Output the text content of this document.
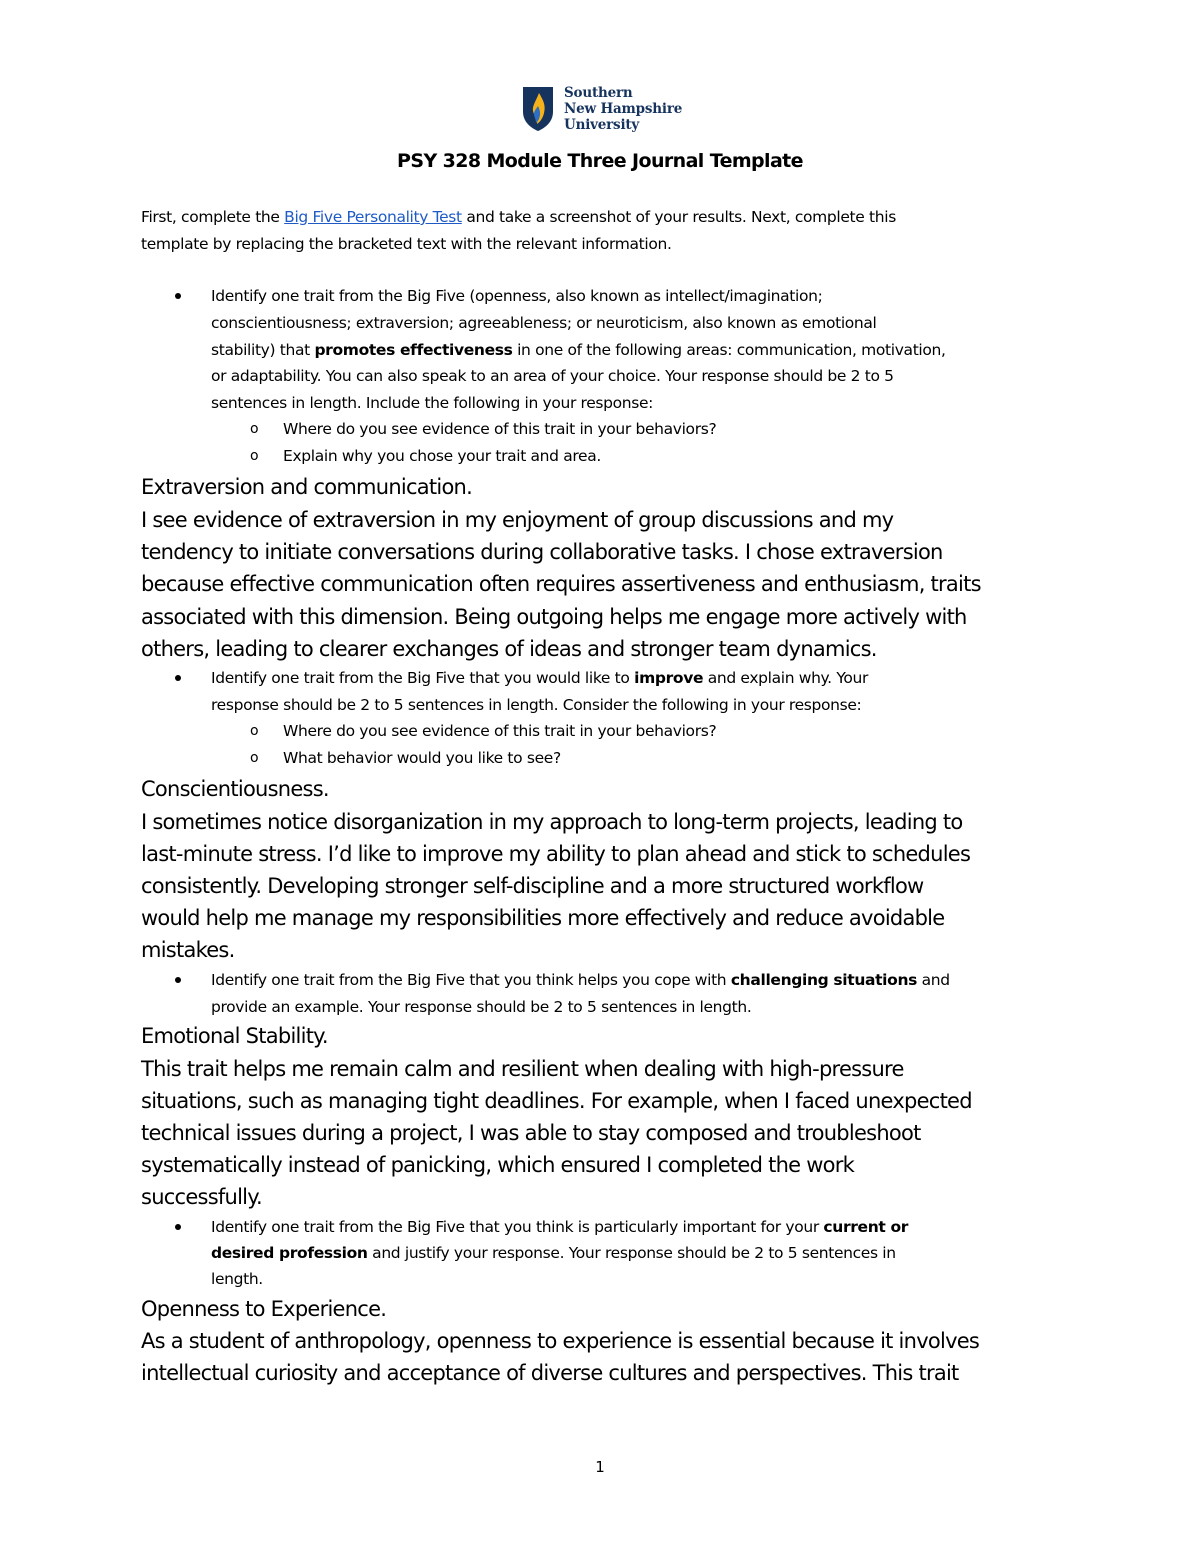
Southern
New Hampshire
University
PSY 328 Module Three Journal Template
First, complete the Big Five Personality Test and take a screenshot of your results. Next, complete this
template by replacing the bracketed text with the relevant information.
Identify one trait from the Big Five (openness, also known as intellect/imagination;
conscientiousness; extraversion; agreeableness; or neuroticism, also known as emotional
stability) that promotes effectiveness in one of the following areas: communication, motivation,
or adaptability. You can also speak to an area of your choice. Your response should be 2 to 5
sentences in length. Include the following in your response:
o Where do you see evidence of this trait in your behaviors?
o Explain why you chose your trait and area.
Extraversion and communication.
I see evidence of extraversion in my enjoyment of group discussions and my
tendency to initiate conversations during collaborative tasks. I chose extraversion
because effective communication often requires assertiveness and enthusiasm, traits
associated with this dimension. Being outgoing helps me engage more actively with
others, leading to clearer exchanges of ideas and stronger team dynamics.
Identify one trait from the Big Five that you would like to improve and explain why. Your
response should be 2 to 5 sentences in length. Consider the following in your response:
o Where do you see evidence of this trait in your behaviors?
o What behavior would you like to see?
Conscientiousness.
I sometimes notice disorganization in my approach to long-term projects, leading to
last-minute stress. I’d like to improve my ability to plan ahead and stick to schedules
consistently. Developing stronger self-discipline and a more structured workflow
would help me manage my responsibilities more effectively and reduce avoidable
mistakes.
Identify one trait from the Big Five that you think helps you cope with challenging situations and
provide an example. Your response should be 2 to 5 sentences in length.
Emotional Stability.
This trait helps me remain calm and resilient when dealing with high-pressure
situations, such as managing tight deadlines. For example, when I faced unexpected
technical issues during a project, I was able to stay composed and troubleshoot
systematically instead of panicking, which ensured I completed the work
successfully.
Identify one trait from the Big Five that you think is particularly important for your current or
desired profession and justify your response. Your response should be 2 to 5 sentences in
length.
Openness to Experience.
As a student of anthropology, openness to experience is essential because it involves
intellectual curiosity and acceptance of diverse cultures and perspectives. This trait
1
